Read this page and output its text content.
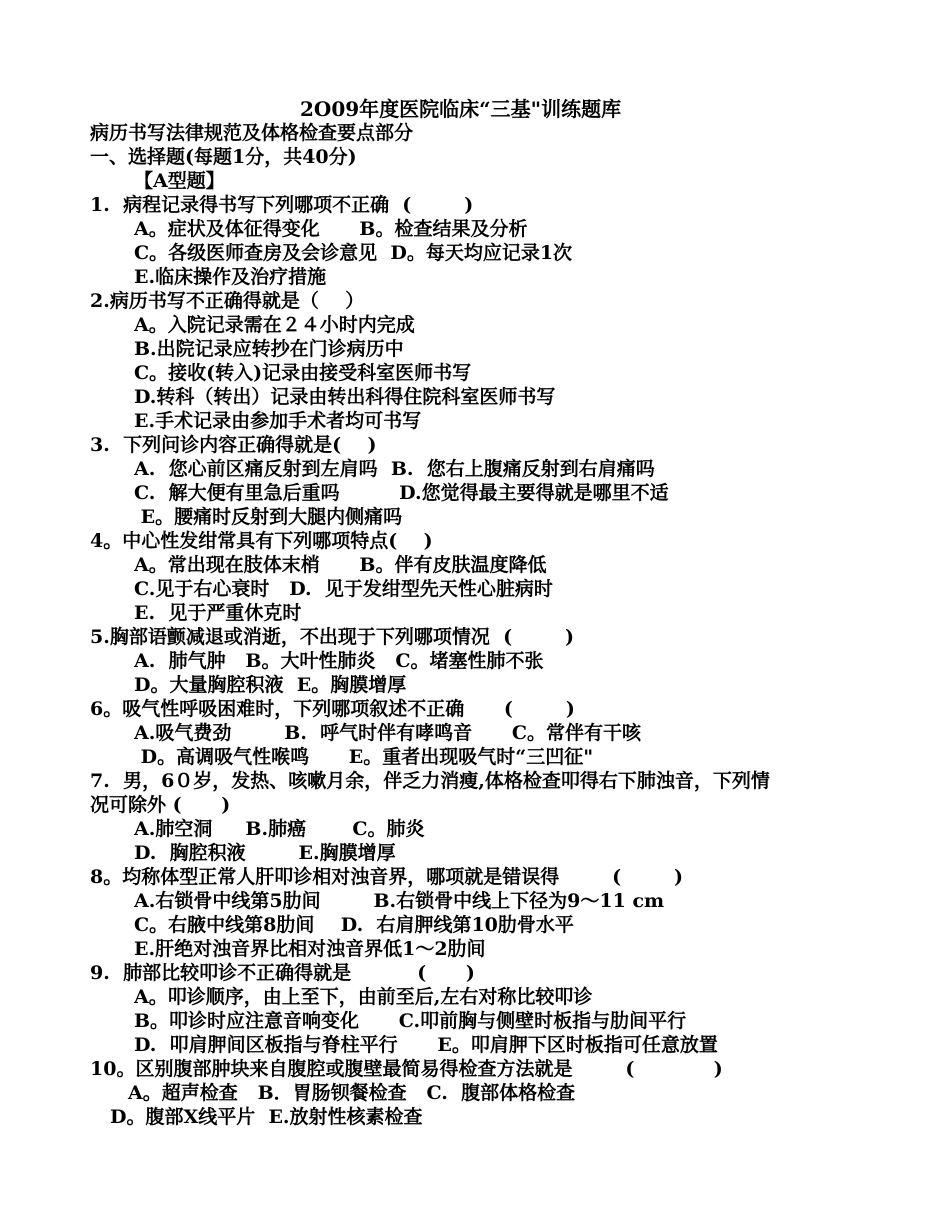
2O09年度医院临床“三基"训练题库
病历书写法律规范及体格检查要点部分
一、选择题(每题1分，共40分)
【A型题】
1.  病程记录得书写下列哪项不正确  (        )
A。症状及体征得变化      B。检查结果及分析
C。各级医师查房及会诊意见  D。每天均应记录1次
E.临床操作及治疗措施
2.病历书写不正确得就是（    ）
A。入院记录需在２４小时内完成
B.出院记录应转抄在门诊病历中
C。接收(转入)记录由接受科室医师书写
D.转科（转出）记录由转出科得住院科室医师书写
E.手术记录由参加手术者均可书写
3.  下列问诊内容正确得就是(    )
A.  您心前区痛反射到左肩吗  B.  您右上腹痛反射到右肩痛吗
C.  解大便有里急后重吗         D.您觉得最主要得就是哪里不适
E。腰痛时反射到大腿内侧痛吗
4。中心性发绀常具有下列哪项特点(    )
A。常出现在肢体末梢      B。伴有皮肤温度降低
C.见于右心衰时   D.  见于发绀型先天性心脏病时
E.  见于严重休克时
5.胸部语颤减退或消逝，不出现于下列哪项情况  (        )
A.  肺气肿   B。大叶性肺炎   C。堵塞性肺不张
D。大量胸腔积液  E。胸膜增厚
6。吸气性呼吸困难时，下列哪项叙述不正确      (        )
A.吸气费劲        B.  呼气时伴有哮鸣音      C。常伴有干咳
D。高调吸气性喉鸣      E。重者出现吸气时“三凹征"
7.  男，6０岁，发热、咳嗽月余，伴乏力消瘦,体格检查叩得右下肺浊音，下列情
况可除外 (      )
A.肺空洞     B.肺癌       C。肺炎
D.  胸腔积液        E.胸膜增厚
8。均称体型正常人肝叩诊相对浊音界，哪项就是错误得        (        )
A.右锁骨中线第5肋间        B.右锁骨中线上下径为9～11 cm
C。右腋中线第8肋间    D.  右肩胛线第10肋骨水平
E.肝绝对浊音界比相对浊音界低1～2肋间
9.  肺部比较叩诊不正确得就是          (      )
A。叩诊顺序，由上至下，由前至后,左右对称比较叩诊
B。叩诊时应注意音响变化      C.叩前胸与侧壁时板指与肋间平行
D.  叩肩胛间区板指与脊柱平行      E。叩肩胛下区时板指可任意放置
10。区别腹部肿块来自腹腔或腹壁最简易得检查方法就是        (            )
A。超声检查   B．胃肠钡餐检查   C.  腹部体格检查
D。腹部X线平片  E.放射性核素检查
